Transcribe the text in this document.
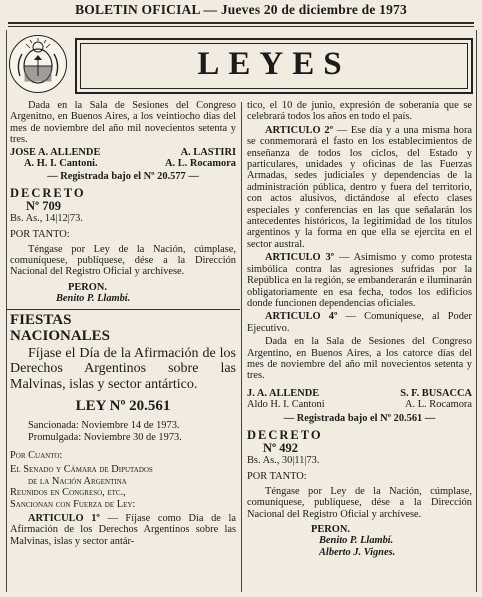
BOLETIN OFICIAL — Jueves 20 de diciembre de 1973
LEYES

Dada en la Sala de Sesiones del Congreso Argenitno, en Buenos Aires, a los veintiocho días del mes de noviembre del año mil novecientos setenta y tres.

JOSE A. ALLENDE	A. LASTIRI
A. H. I. Cantoni.	A. L. Rocamora

— Registrada bajo el Nº 20.577 —

DECRETO

Nº 709

Bs. As., 14|12|73.

POR TANTO:

Téngase por Ley de la Nación, cúmplase, comuníquese, publíquese, dése a la Dirección Nacional del Registro Oficial y archívese.

PERON.

Benito P. Llambí.

FIESTAS

NACIONALES

Fíjase el Día de la Afirmación de los Derechos Argentinos sobre las Malvinas, islas y sector antártico.

LEY Nº 20.561

Sancionada: Noviembre 14 de 1973.

Promulgada: Noviembre 30 de 1973.

Por Cuanto:

El Senado y Cámara de Diputados

de la Nación Argentina

Reunidos en Congreso, etc.,

Sancionan con Fuerza de Ley:

ARTICULO 1º — Fíjase como Día de la Afirmación de los Derechos Argentinos sobre las Malvinas, islas y sector antár-

tico, el 10 de junio, expresión de soberanía que se celebrará todos los años en todo el país.

ARTICULO 2º — Ese día y a una misma hora se conmemorará el fasto en los establecimientos de enseñanza de todos los ciclos, del Estado y particulares, unidades y oficinas de las Fuerzas Armadas, sedes judiciales y dependencias de la administración pública, dentro y fuera del territorio, con actos alusivos, dictándose al efecto clases especiales y conferencias en las que señalarán los antecedentes históricos, la legitimidad de los títulos argentinos y la forma en que ella se ejercita en el sector austral.

ARTICULO 3º — Asimismo y como protesta simbólica contra las agresiones sufridas por la República en la región, se embanderarán e iluminarán obligatoriamente en esa fecha, todos los edificios donde funcionen dependencias oficiales.

ARTICULO 4º — Comuníquese, al Poder Ejecutivo.

Dada en la Sala de Sesiones del Congreso Argentino, en Buenos Aires, a los catorce días del mes de noviembre del año mil novecientos setenta y tres.

J. A. ALLENDE	S. F. BUSACCA
Aldo H. I. Cantoni	A. L. Rocamora

— Registrada bajo el Nº 20.561 —

DECRETO

Nº 492

Bs. As., 30|11|73.

POR TANTO:

Téngase por Ley de la Nación, cúmplase, comuníquese, publíquese, dése a la Dirección Nacional del Registro Oficial y archívese.

PERON.

Benito P. Llambí.

Alberto J. Vignes.
